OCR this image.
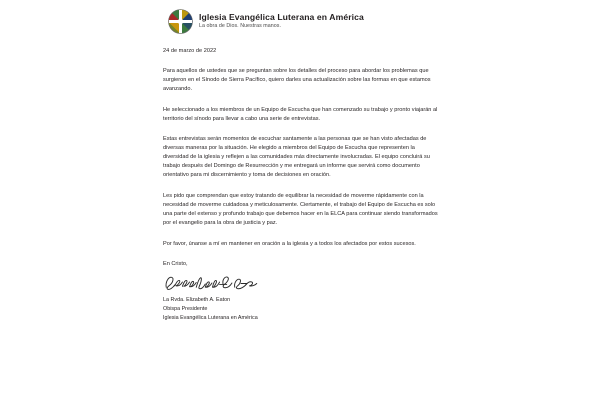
Iglesia Evangélica Luterana en América
La obra de Dios. Nuestras manos.
24 de marzo de 2022

Para aquellos de ustedes que se preguntan sobre los detalles del proceso para abordar los problemas que surgieron en el Sínodo de Sierra Pacífico, quiero darles una actualización sobre las formas en que estamos avanzando.

He seleccionado a los miembros de un Equipo de Escucha que han comenzado su trabajo y pronto viajarán al territorio del sínodo para llevar a cabo una serie de entrevistas.

Estas entrevistas serán momentos de escuchar santamente a las personas que se han visto afectadas de diversas maneras por la situación. He elegido a miembros del Equipo de Escucha que representen la diversidad de la iglesia y reflejen a las comunidades más directamente involucradas. El equipo concluirá su trabajo después del Domingo de Resurrección y me entregará un informe que servirá como documento orientativo para mi discernimiento y toma de decisiones en oración.

Les pido que comprendan que estoy tratando de equilibrar la necesidad de moverme rápidamente con la necesidad de moverme cuidadosa y meticulosamente. Ciertamente, el trabajo del Equipo de Escucha es solo una parte del extenso y profundo trabajo que debemos hacer en la ELCA para continuar siendo transformados por el evangelio para la obra de justicia y paz.

Por favor, únanse a mí en mantener en oración a la iglesia y a todos los afectados por estos sucesos.

En Cristo,
La Rvda. Elizabeth A. Eaton
Obispa Presidente
Iglesia Evangélica Luterana en América
